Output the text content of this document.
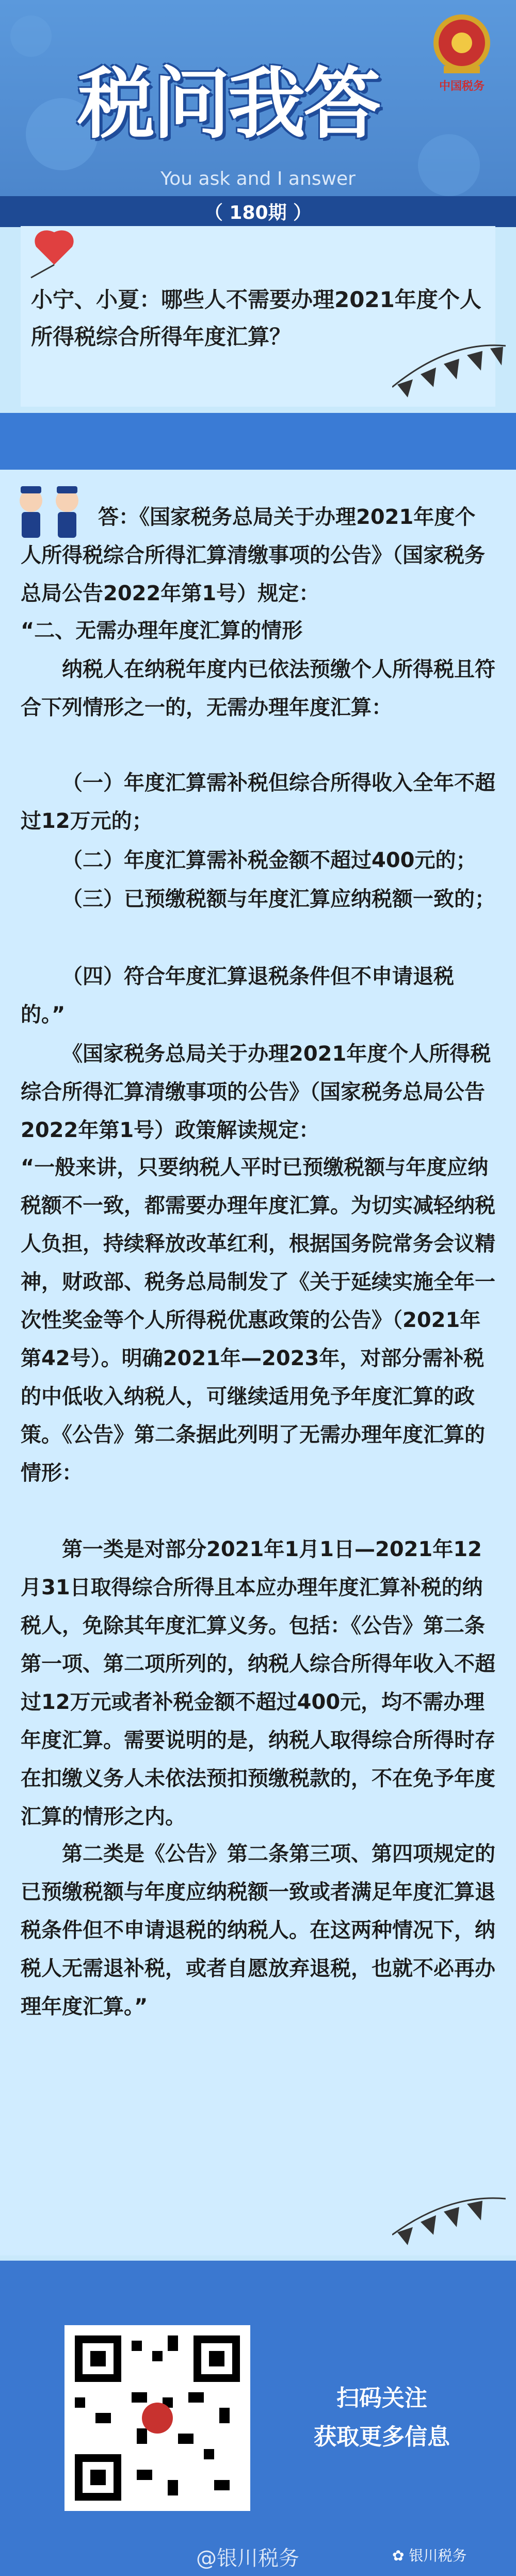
税问我答
You ask and I answer
中国税务
（ 180期 ）
小宁、小夏：哪些人不需要办理2021年度个人所得税综合所得年度汇算？
答：《国家税务总局关于办理2021年度个人所得税综合所得汇算清缴事项的公告》（国家税务总局公告2022年第1号）规定：
“二、无需办理年度汇算的情形
纳税人在纳税年度内已依法预缴个人所得税且符合下列情形之一的，无需办理年度汇算：
（一）年度汇算需补税但综合所得收入全年不超过12万元的；
（二）年度汇算需补税金额不超过400元的；
（三）已预缴税额与年度汇算应纳税额一致的；
（四）符合年度汇算退税条件但不申请退税的。”
《国家税务总局关于办理2021年度个人所得税综合所得汇算清缴事项的公告》（国家税务总局公告2022年第1号）政策解读规定：
“一般来讲，只要纳税人平时已预缴税额与年度应纳税额不一致，都需要办理年度汇算。为切实减轻纳税人负担，持续释放改革红利，根据国务院常务会议精神，财政部、税务总局制发了《关于延续实施全年一次性奖金等个人所得税优惠政策的公告》（2021年第42号）。明确2021年—2023年，对部分需补税的中低收入纳税人，可继续适用免予年度汇算的政策。《公告》第二条据此列明了无需办理年度汇算的情形：
第一类是对部分2021年1月1日—2021年12月31日取得综合所得且本应办理年度汇算补税的纳税人，免除其年度汇算义务。包括：《公告》第二条第一项、第二项所列的，纳税人综合所得年收入不超过12万元或者补税金额不超过400元，均不需办理年度汇算。需要说明的是，纳税人取得综合所得时存在扣缴义务人未依法预扣预缴税款的，不在免予年度汇算的情形之内。
第二类是《公告》第二条第三项、第四项规定的已预缴税额与年度应纳税额一致或者满足年度汇算退税条件但不申请退税的纳税人。在这两种情况下，纳税人无需退补税，或者自愿放弃退税，也就不必再办理年度汇算。”
扫码关注
获取更多信息
@银川税务	✿ 银川税务
